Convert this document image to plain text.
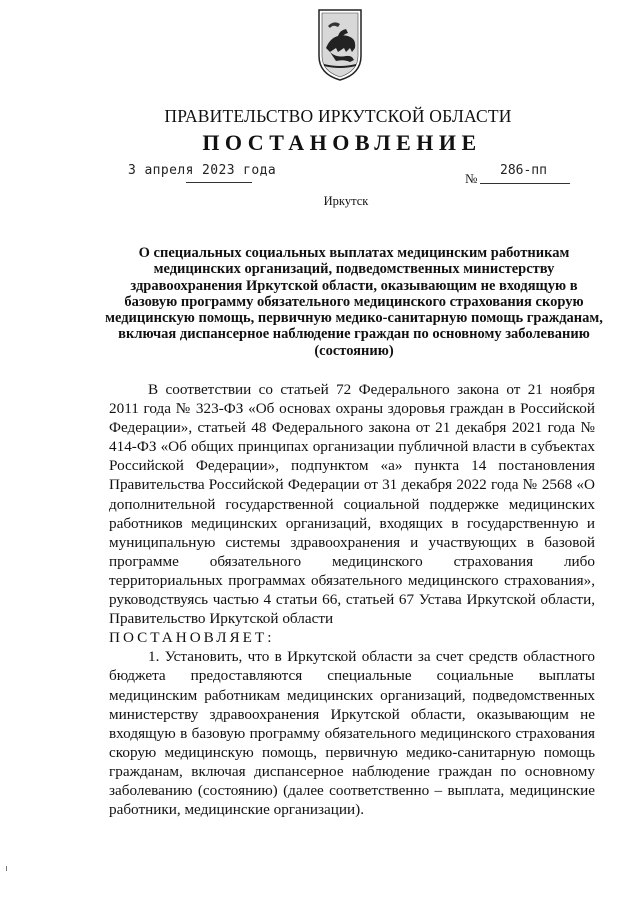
ПРАВИТЕЛЬСТВО ИРКУТСКОЙ ОБЛАСТИ
ПОСТАНОВЛЕНИЕ
3 апреля 2023 года
№
286-пп
Иркутск
О специальных социальных выплатах медицинским работникам медицинских организаций, подведомственных министерству здравоохранения Иркутской области, оказывающим не входящую в базовую программу обязательного медицинского страхования скорую медицинскую помощь, первичную медико-санитарную помощь гражданам, включая диспансерное наблюдение граждан по основному заболеванию (состоянию)

В соответствии со статьей 72 Федерального закона от 21 ноября 2011 года № 323-ФЗ «Об основах охраны здоровья граждан в Российской Федерации», статьей 48 Федерального закона от 21 декабря 2021 года № 414-ФЗ «Об общих принципах организации публичной власти в субъектах Российской Федерации», подпунктом «а» пункта 14 постановления Правительства Российской Федерации от 31 декабря 2022 года № 2568 «О дополнительной государственной социальной поддержке медицинских работников медицинских организаций, входящих в государственную и муниципальную системы здравоохранения и участвующих в базовой программе обязательного медицинского страхования либо территориальных программах обязательного медицинского страхования», руководствуясь частью 4 статьи 66, статьей 67 Устава Иркутской области, Правительство Иркутской области

ПОСТАНОВЛЯЕТ:

1. Установить, что в Иркутской области за счет средств областного бюджета предоставляются специальные социальные выплаты медицинским работникам медицинских организаций, подведомственных министерству здравоохранения Иркутской области, оказывающим не входящую в базовую программу обязательного медицинского страхования скорую медицинскую помощь, первичную медико-санитарную помощь гражданам, включая диспансерное наблюдение граждан по основному заболеванию (состоянию) (далее соответственно – выплата, медицинские работники, медицинские организации).
